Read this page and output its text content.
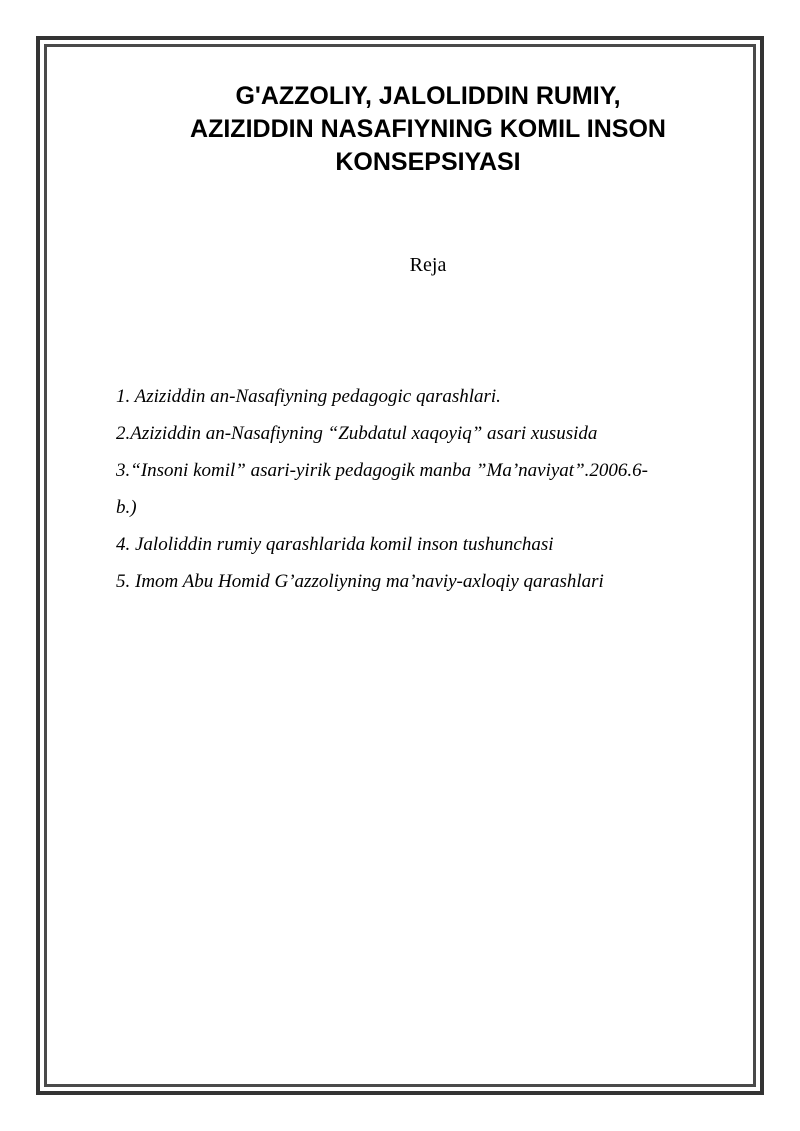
G'AZZOLIY, JALOLIDDIN RUMIY,
AZIZIDDIN NASAFIYNING KOMIL INSON
KONSEPSIYASI

Reja

1. Aziziddin an-Nasafiyning pedagogic qarashlari.
2.Aziziddin an-Nasafiyning “Zubdatul xaqoyiq” asari xususida
3.“Insoni komil” asari-yirik pedagogik manba ”Ma’naviyat”.2006.6-
b.)
4. Jaloliddin rumiy qarashlarida komil inson tushunchasi
5. Imom Abu Homid G’azzoliyning ma’naviy-axloqiy qarashlari
